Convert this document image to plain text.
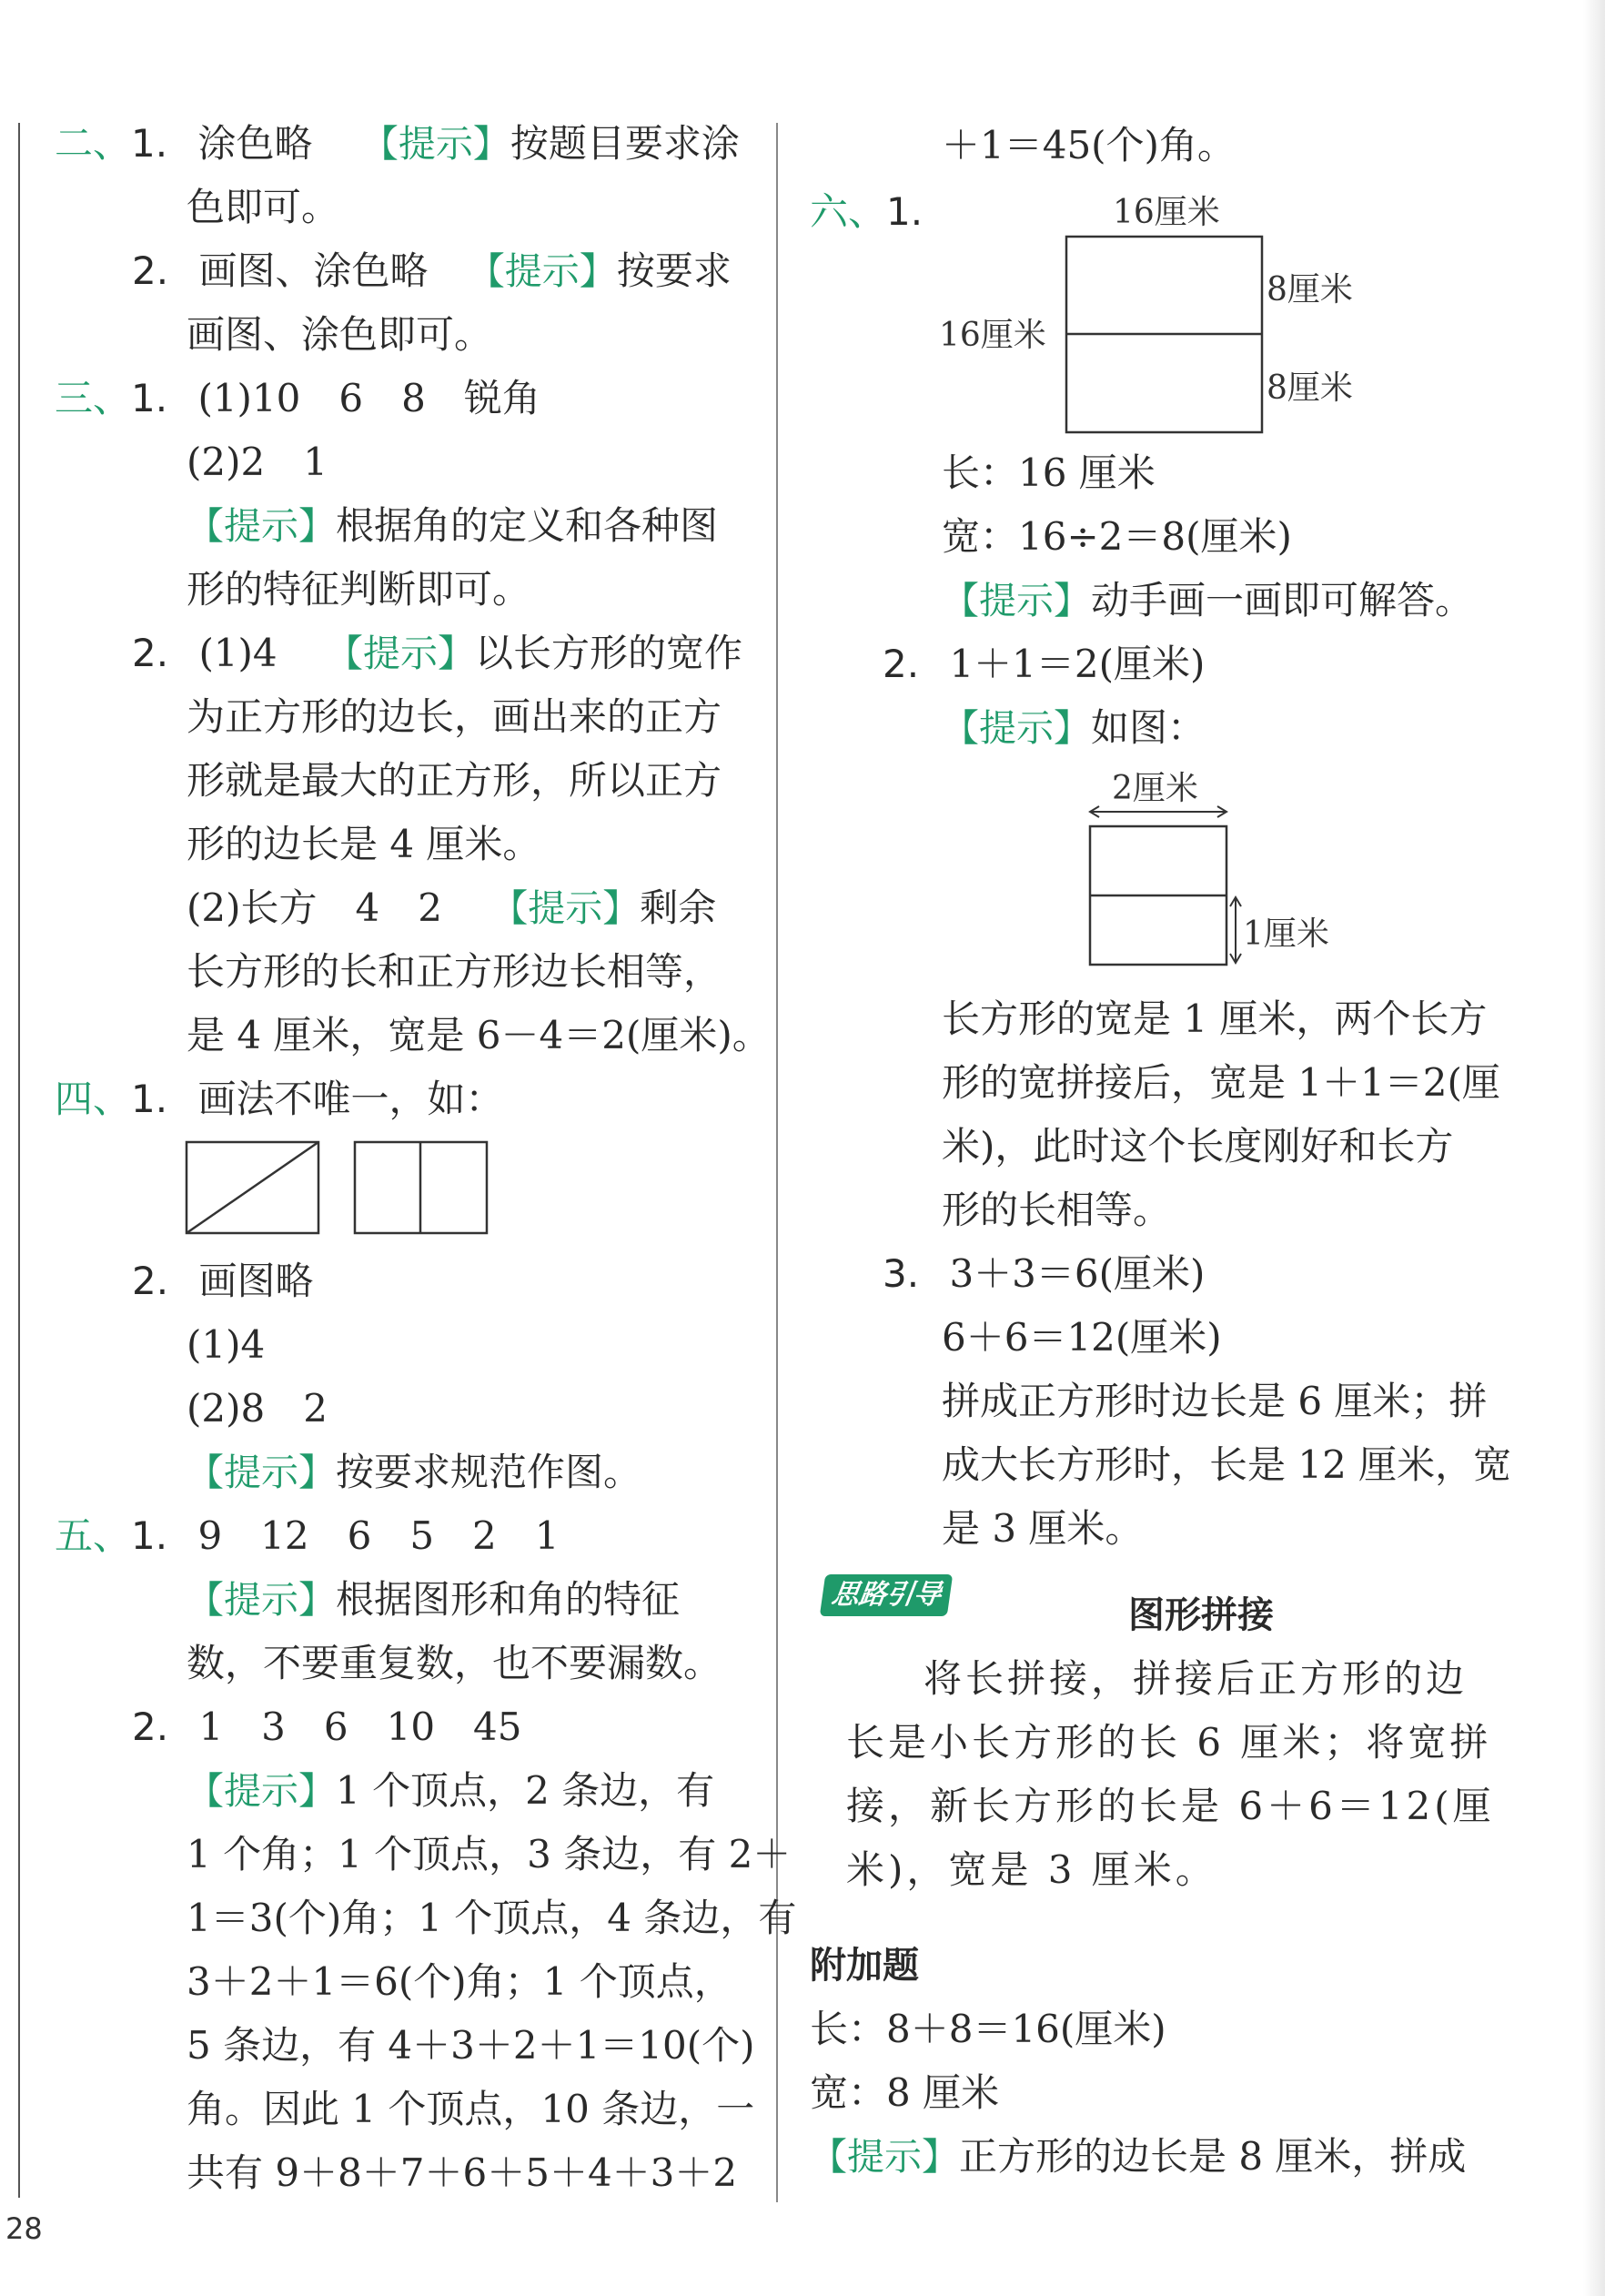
二、1. 涂色略 【提示】按题目要求涂
色即可。
2. 画图、涂色略 【提示】按要求
画图、涂色即可。
三、1. (1)10　6　8　锐角
(2)2　1
【提示】根据角的定义和各种图
形的特征判断即可。
2. (1)4 【提示】以长方形的宽作
为正方形的边长，画出来的正方
形就是最大的正方形，所以正方
形的边长是 4 厘米。
(2)长方　4　2 【提示】剩余
长方形的长和正方形边长相等，
是 4 厘米，宽是 6－4＝2(厘米)。
四、1. 画法不唯一，如：
2. 画图略
(1)4
(2)8　2
【提示】按要求规范作图。
五、1. 9　12　6　5　2　1
【提示】根据图形和角的特征
数，不要重复数，也不要漏数。
2. 1　3　6　10　45
【提示】1 个顶点，2 条边，有
1 个角；1 个顶点，3 条边，有 2＋
1＝3(个)角；1 个顶点，4 条边，有
3＋2＋1＝6(个)角；1 个顶点，
5 条边，有 4＋3＋2＋1＝10(个)
角。因此 1 个顶点，10 条边，一
共有 9＋8＋7＋6＋5＋4＋3＋2
＋1＝45(个)角。
六、1.	16厘米
16厘米
8厘米
8厘米
长：16 厘米
宽：16÷2＝8(厘米)
【提示】动手画一画即可解答。
2. 1＋1＝2(厘米)
【提示】如图：
2厘米
1厘米
长方形的宽是 1 厘米，两个长方
形的宽拼接后，宽是 1＋1＝2(厘
米)，此时这个长度刚好和长方
形的长相等。
3. 3＋3＝6(厘米)
6＋6＝12(厘米)
拼成正方形时边长是 6 厘米；拼
成大长方形时，长是 12 厘米，宽
是 3 厘米。
思路引导	图形拼接
将长拼接，拼接后正方形的边
长是小长方形的长 6 厘米；将宽拼
接，新长方形的长是 6＋6＝12(厘
米)，宽是 3 厘米。
附加题
长：8＋8＝16(厘米)
宽：8 厘米
【提示】正方形的边长是 8 厘米，拼成
28
